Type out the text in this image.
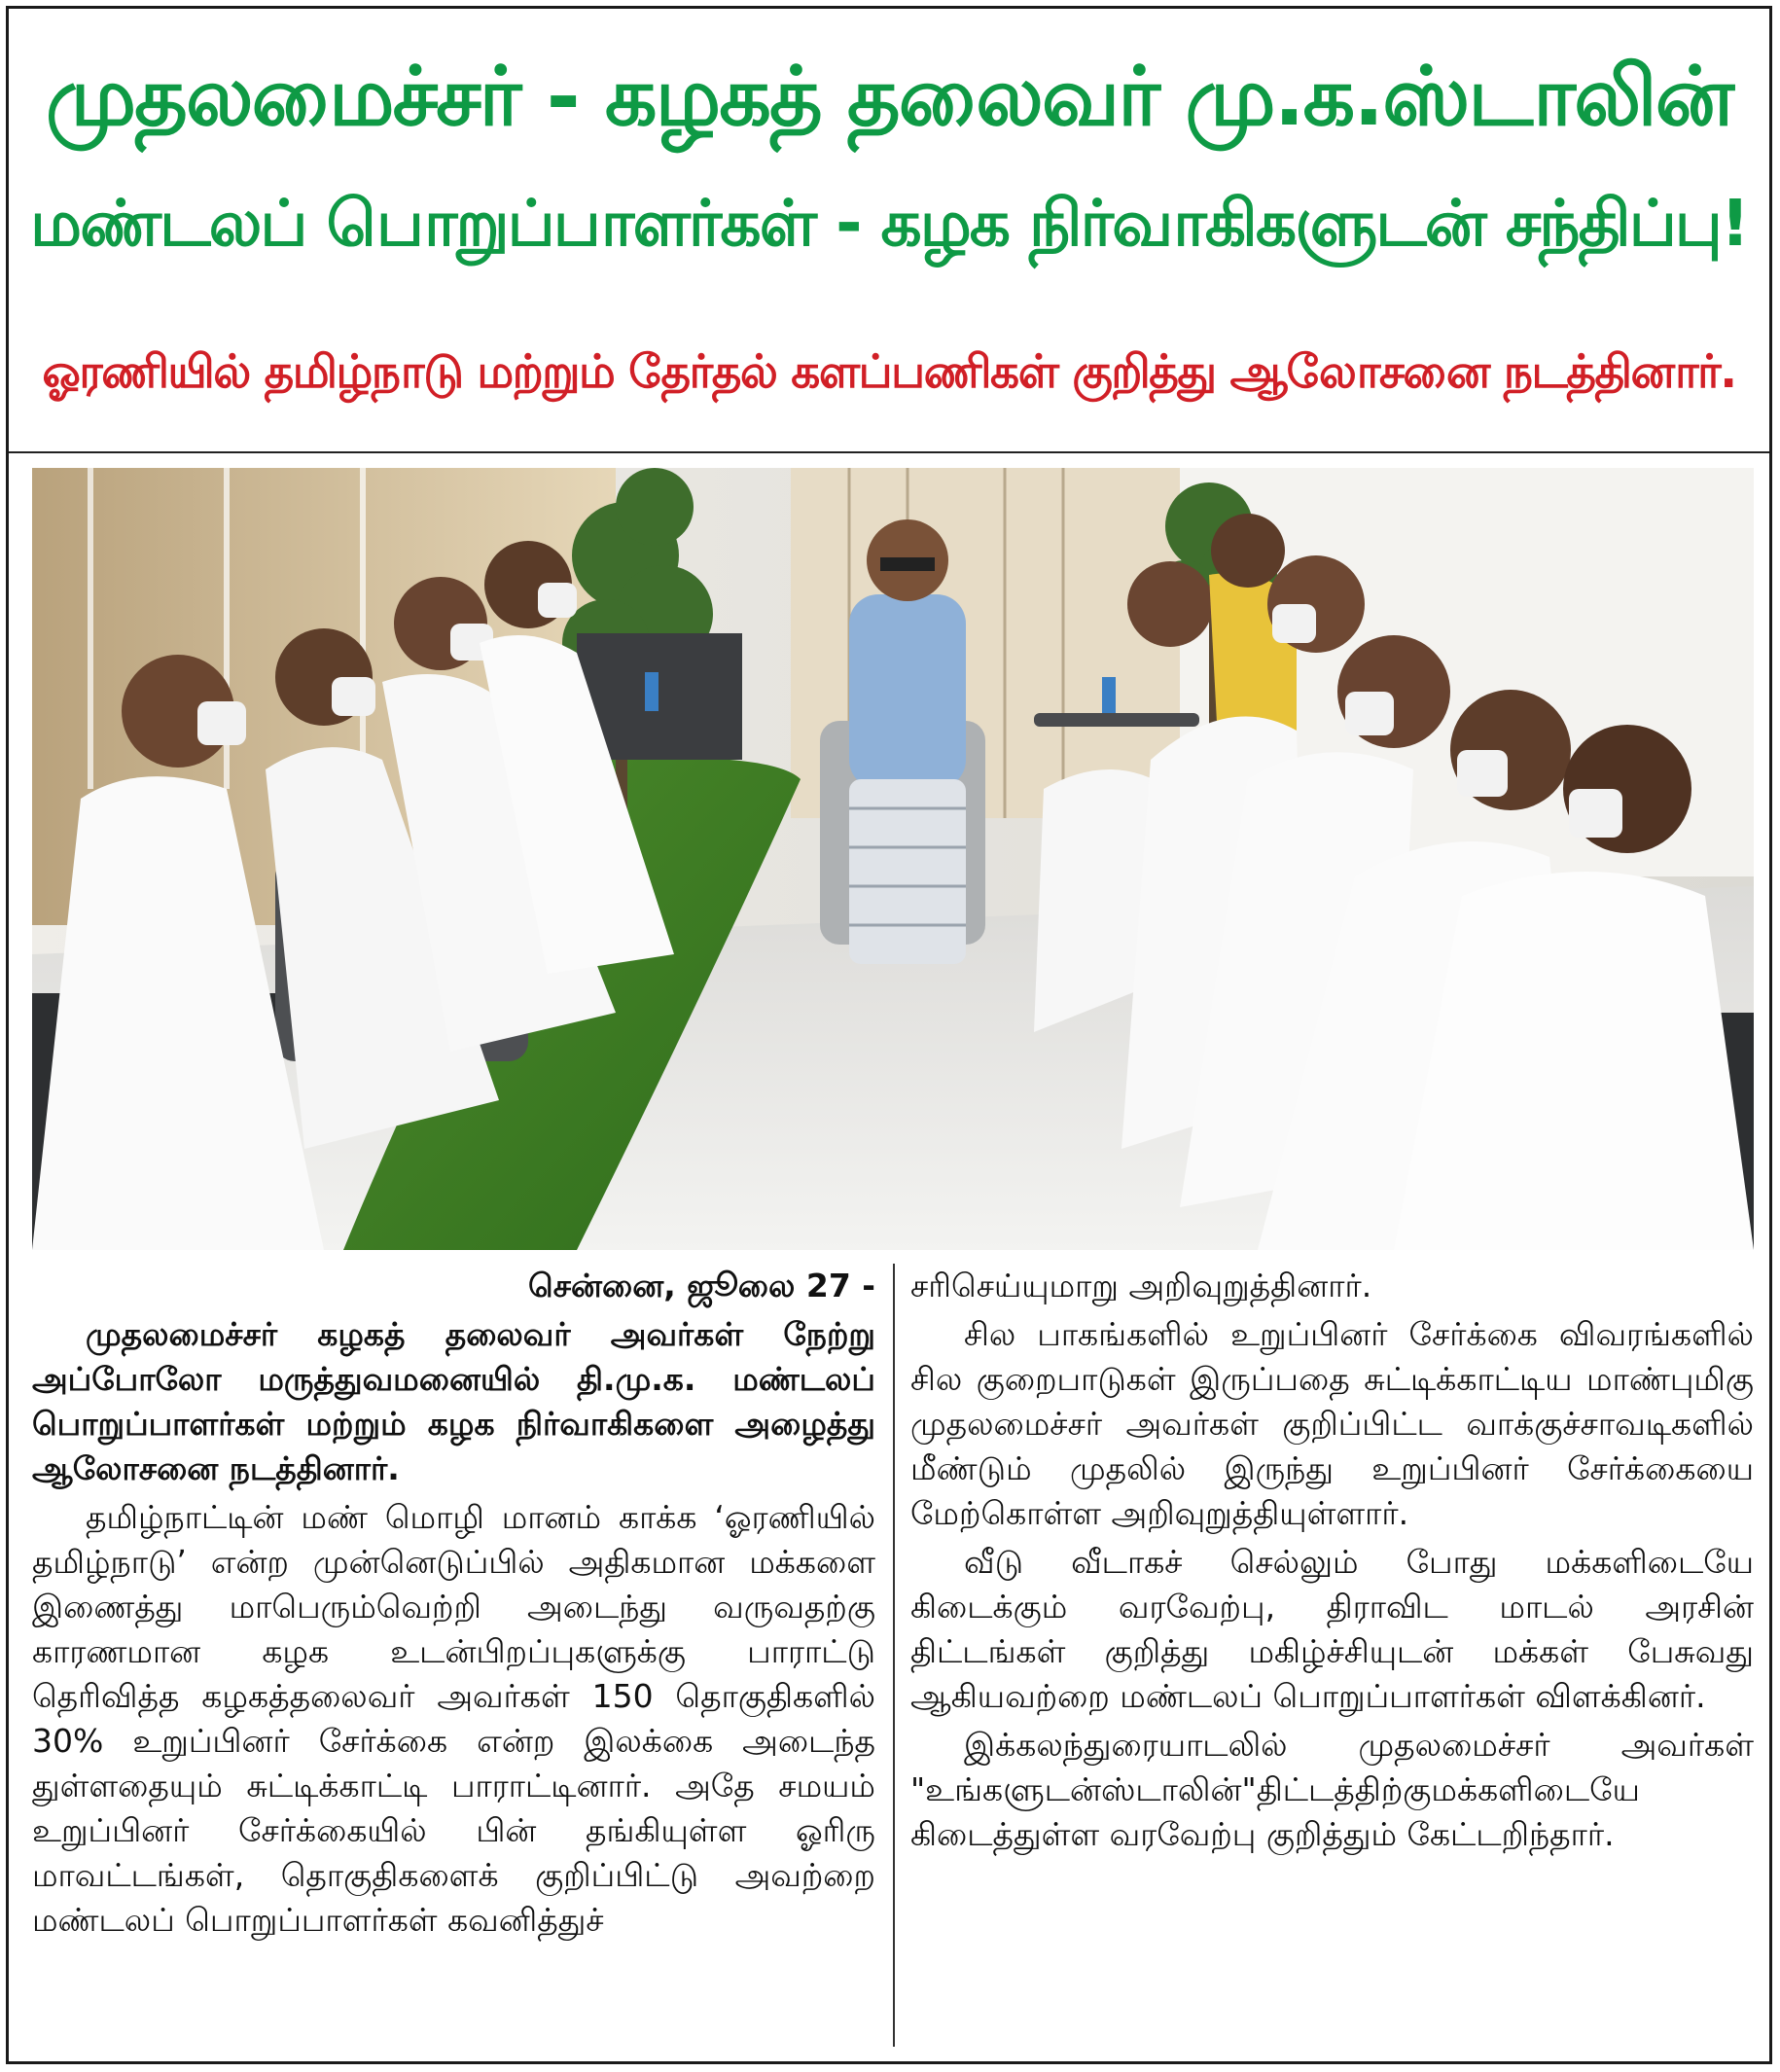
முதலமைச்சர் - கழகத் தலைவர் மு.க.ஸ்டாலின்
மண்டலப் பொறுப்பாளர்கள் - கழக நிர்வாகிகளுடன் சந்திப்பு!
ஓரணியில் தமிழ்நாடு மற்றும் தேர்தல் களப்பணிகள் குறித்து ஆலோசனை நடத்தினார்.

சென்னை, ஜூலை 27 -

முதலமைச்சர் கழகத் தலைவர் அவர்கள் நேற்று அப்போலோ மருத்துவமனையில் தி.மு.க. மண்டலப் பொறுப்பாளர்கள் மற்றும் கழக நிர்வாகிகளை அழைத்து ஆலோசனை நடத்தினார்.

தமிழ்நாட்டின் மண் மொழி மானம் காக்க ‘ஓரணியில் தமிழ்நாடு’ என்ற முன்னெடுப்பில் அதிகமான மக்களை இணைத்து மாபெரும்வெற்றி அடைந்து வருவதற்கு காரணமான கழக உடன்பிறப்புகளுக்கு பாராட்டு தெரிவித்த கழகத்தலைவர் அவர்கள் 150 தொகுதிகளில் 30% உறுப்பினர் சேர்க்கை என்ற இலக்கை அடைந்த துள்ளதையும் சுட்டிக்காட்டி பாராட்டினார். அதே சமயம் உறுப்பினர் சேர்க்கையில் பின் தங்கியுள்ள ஓரிரு மாவட்டங்கள், தொகுதிகளைக் குறிப்பிட்டு அவற்றை மண்டலப் பொறுப்பாளர்கள் கவனித்துச்

சரிசெய்யுமாறு அறிவுறுத்தினார்.

சில பாகங்களில் உறுப்பினர் சேர்க்கை விவரங்களில் சில குறைபாடுகள் இருப்பதை சுட்டிக்காட்டிய மாண்புமிகு முதலமைச்சர் அவர்கள் குறிப்பிட்ட வாக்குச்சாவடிகளில் மீண்டும் முதலில் இருந்து உறுப்பினர் சேர்க்கையை மேற்கொள்ள அறிவுறுத்தியுள்ளார்.

வீடு வீடாகச் செல்லும் போது மக்களிடையே கிடைக்கும் வரவேற்பு, திராவிட மாடல் அரசின் திட்டங்கள் குறித்து மகிழ்ச்சியுடன் மக்கள் பேசுவது ஆகியவற்றை மண்டலப் பொறுப்பாளர்கள் விளக்கினர்.

இக்கலந்துரையாடலில் முதலமைச்சர் அவர்கள் "உங்களுடன்ஸ்டாலின்"திட்டத்திற்குமக்களிடையே கிடைத்துள்ள வரவேற்பு குறித்தும் கேட்டறிந்தார்.
